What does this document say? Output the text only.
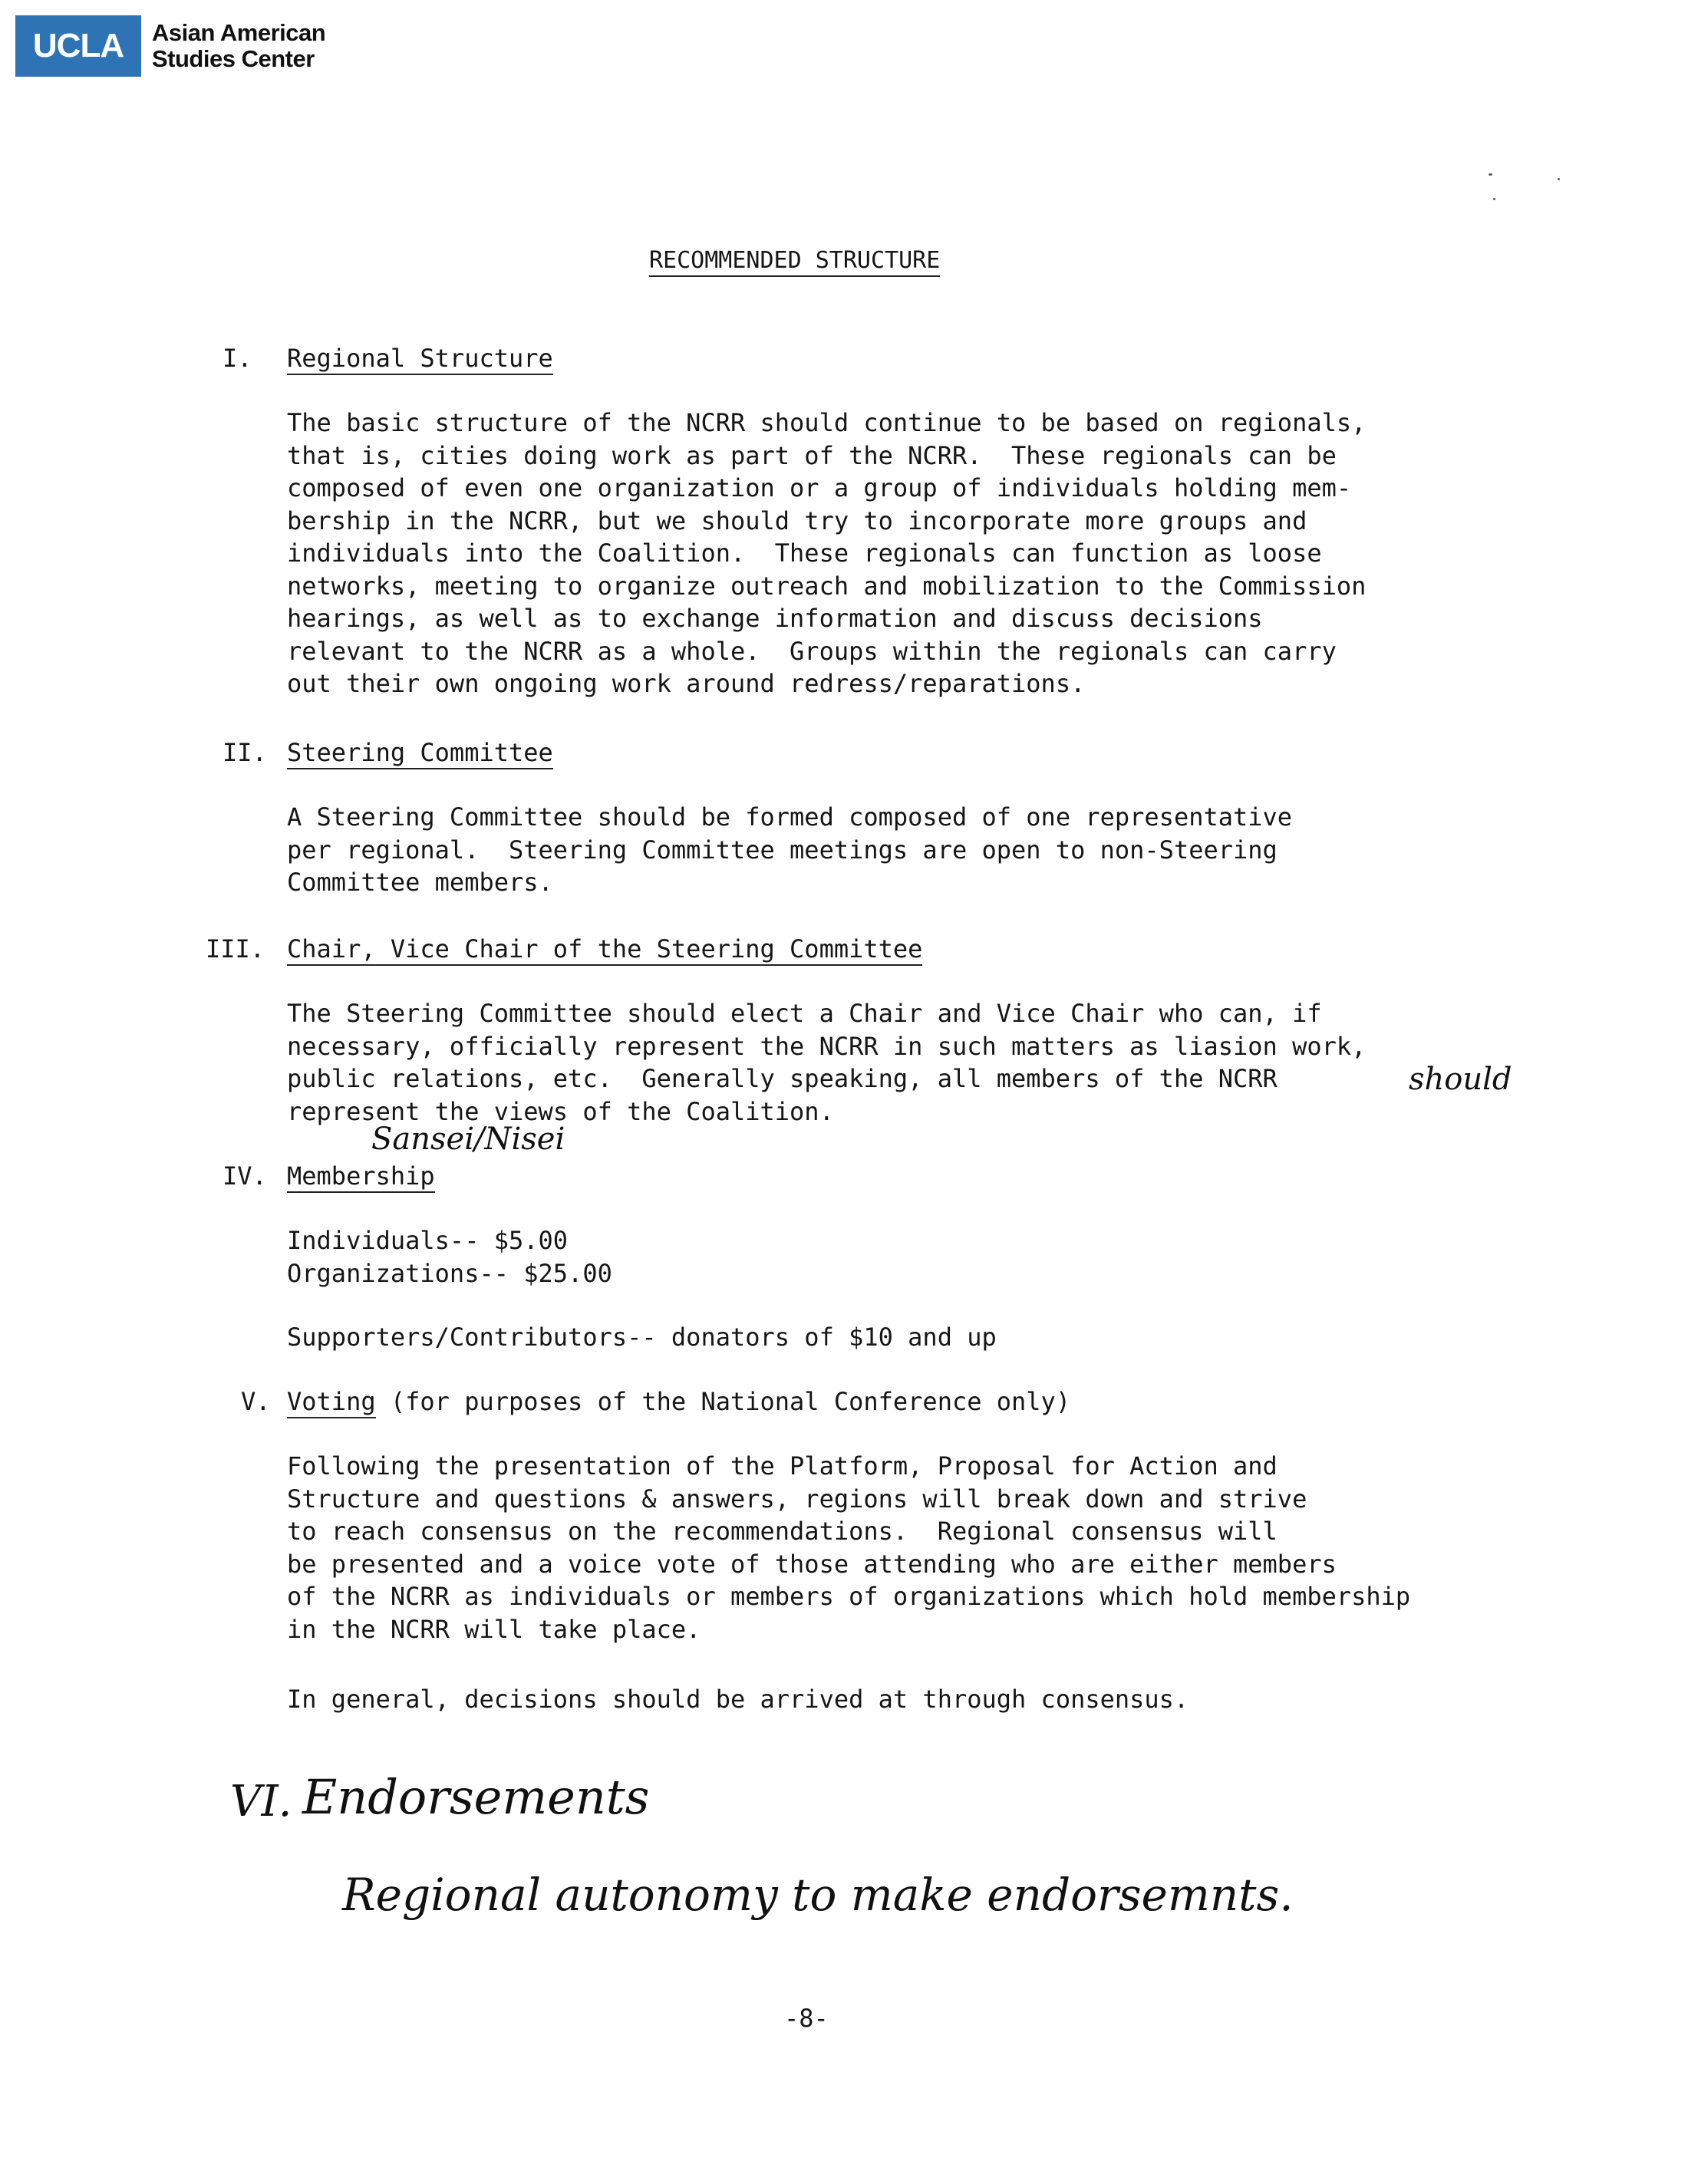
UCLA	Asian American
Studies Center
RECOMMENDED STRUCTURE
I. Regional Structure
The basic structure of the NCRR should continue to be based on regionals,
that is, cities doing work as part of the NCRR.  These regionals can be
composed of even one organization or a group of individuals holding mem-
bership in the NCRR, but we should try to incorporate more groups and
individuals into the Coalition.  These regionals can function as loose
networks, meeting to organize outreach and mobilization to the Commission
hearings, as well as to exchange information and discuss decisions
relevant to the NCRR as a whole.  Groups within the regionals can carry
out their own ongoing work around redress/reparations.
II. Steering Committee
A Steering Committee should be formed composed of one representative
per regional.  Steering Committee meetings are open to non-Steering
Committee members.
III. Chair, Vice Chair of the Steering Committee
The Steering Committee should elect a Chair and Vice Chair who can, if
necessary, officially represent the NCRR in such matters as liasion work,
public relations, etc.  Generally speaking, all members of the NCRR
represent the views of the Coalition.
should
Sansei/Nisei
IV. Membership
Individuals-- $5.00
Organizations-- $25.00
Supporters/Contributors-- donators of $10 and up
V. Voting (for purposes of the National Conference only)
Following the presentation of the Platform, Proposal for Action and
Structure and questions & answers, regions will break down and strive
to reach consensus on the recommendations.  Regional consensus will
be presented and a voice vote of those attending who are either members
of the NCRR as individuals or members of organizations which hold membership
in the NCRR will take place.
In general, decisions should be arrived at through consensus.
VI. Endorsements
Regional autonomy to make endorsemnts.
-8-
